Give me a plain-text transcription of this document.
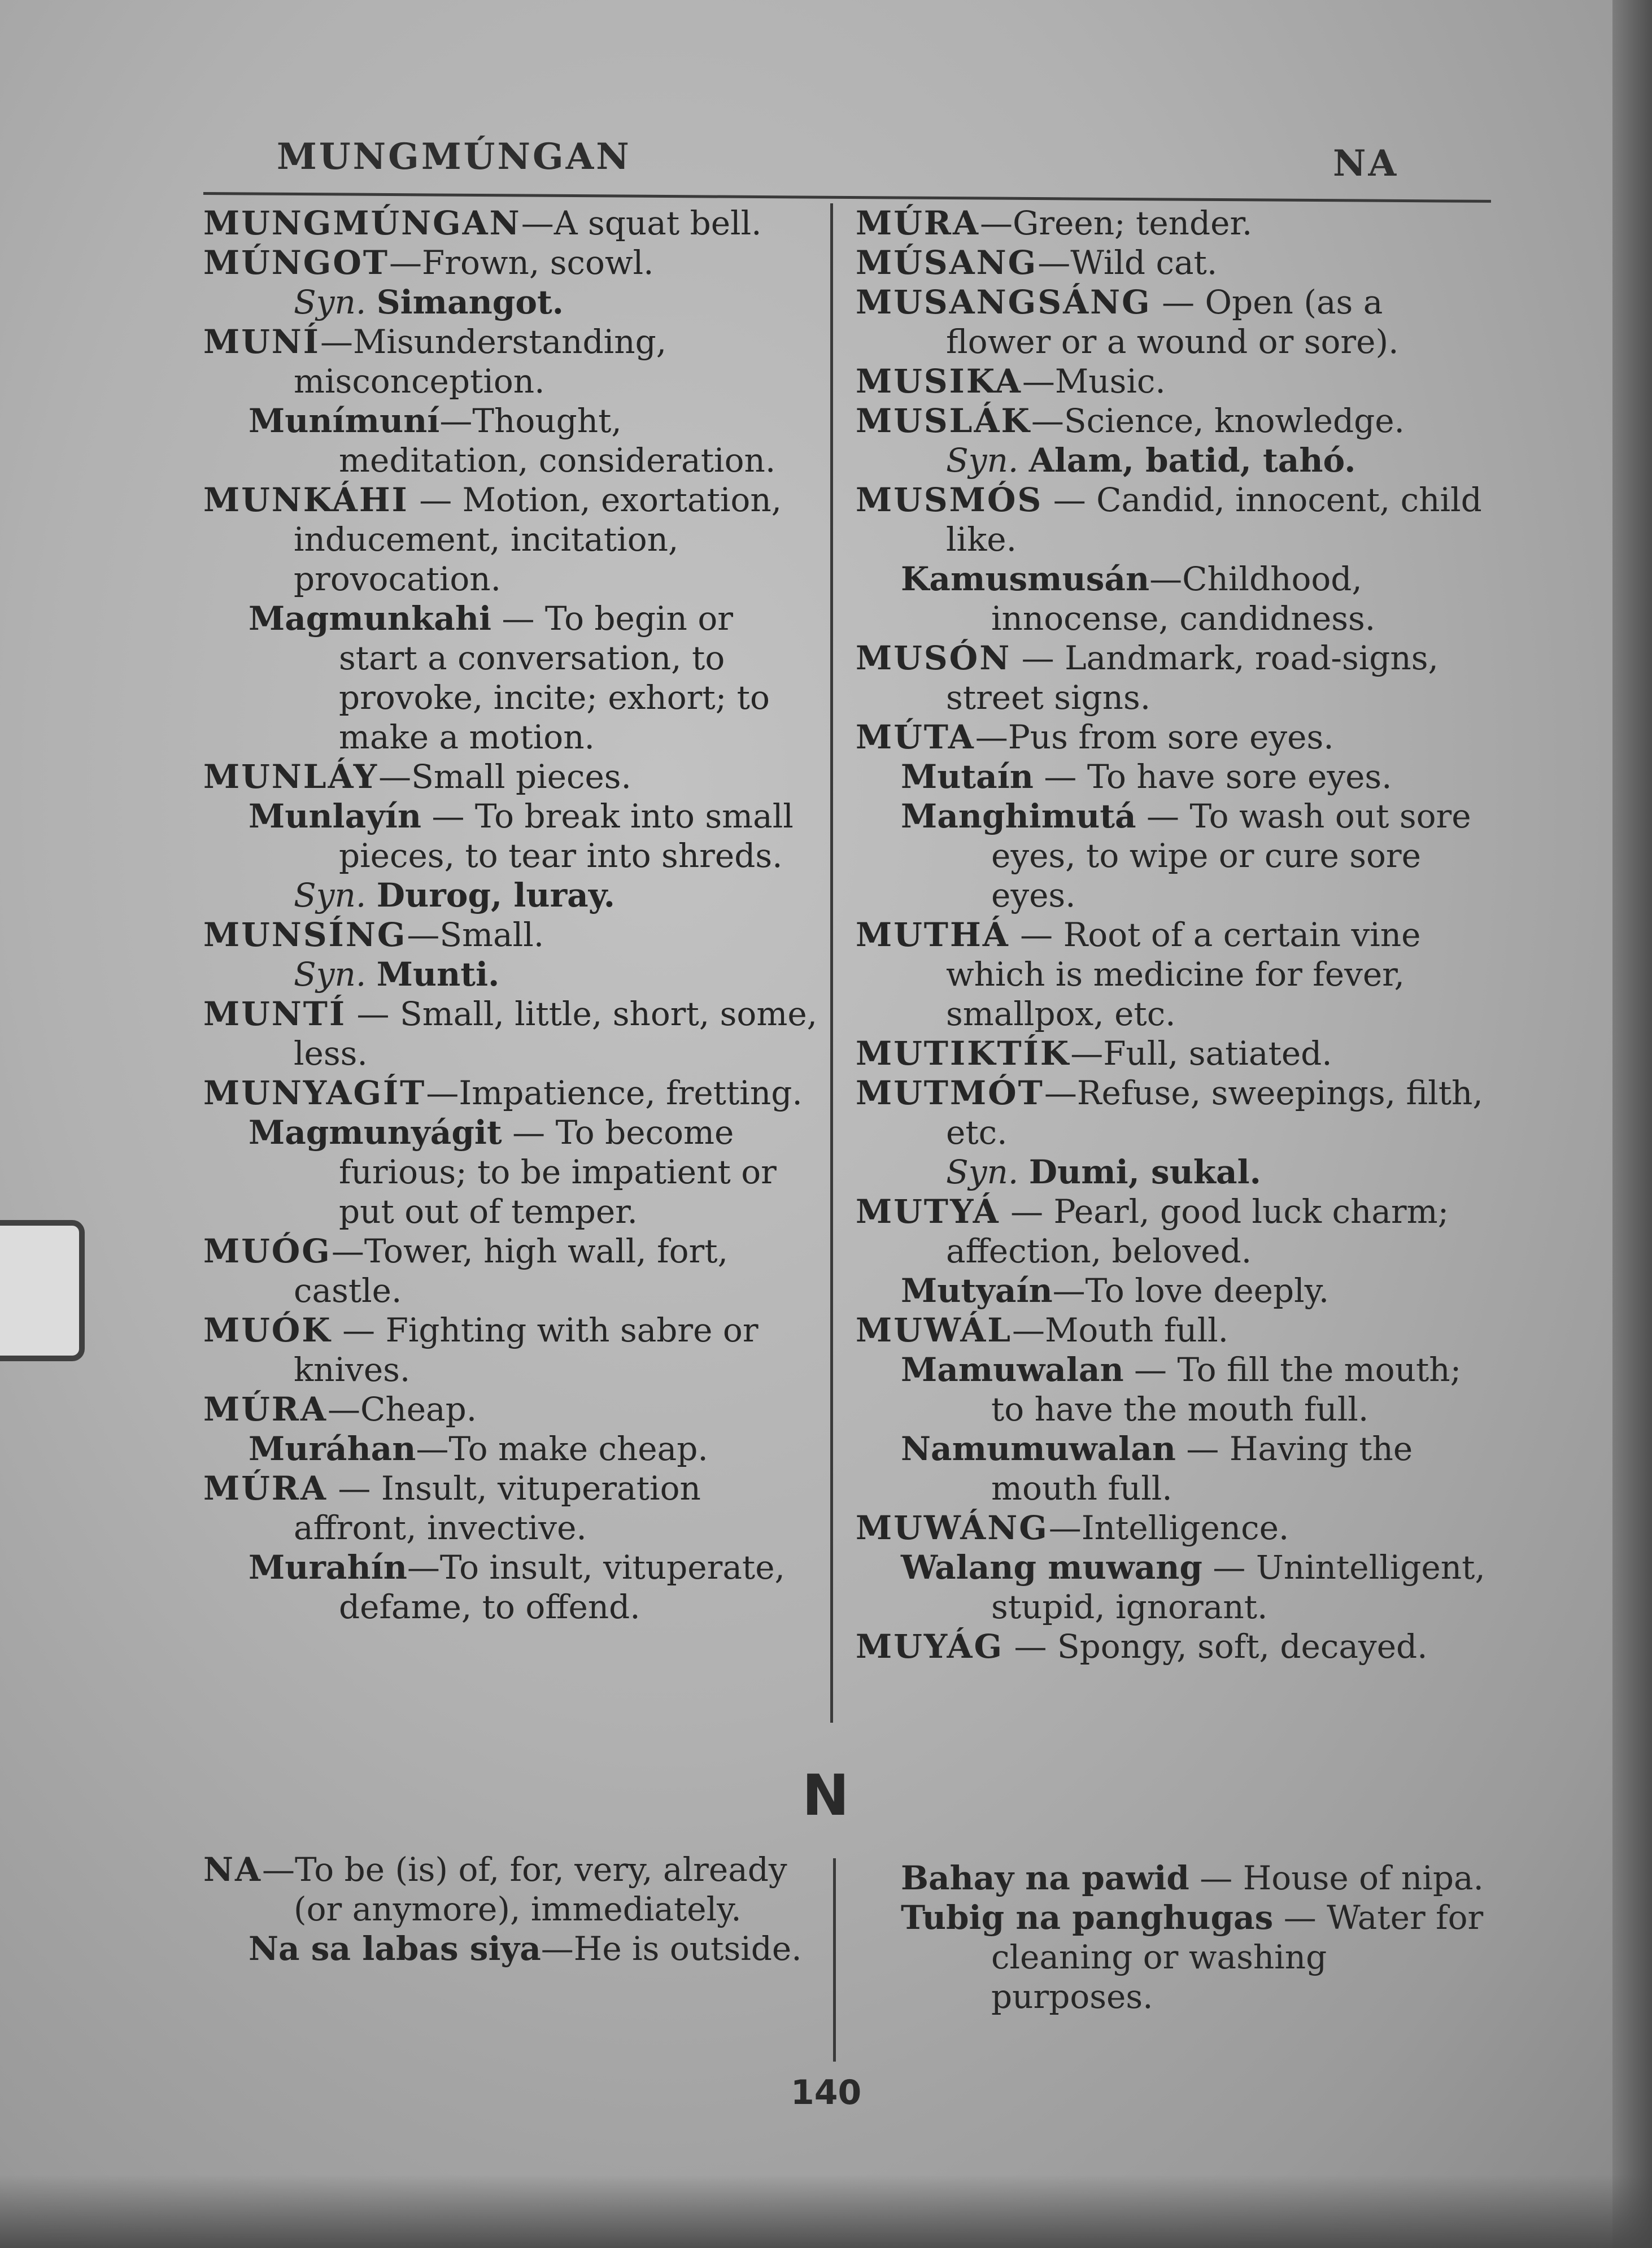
MUNGMÚNGAN	NA

MUNGMÚNGAN—A squat bell.

MÚNGOT—Frown, scowl.

Syn. Simangot.

MUNÍ—Misunderstanding, misconception.

Munímuní—Thought, meditation, consideration.

MUNKÁHI — Motion, exortation, inducement, incitation, provocation.

Magmunkahi — To begin or start a conversation, to provoke, incite; exhort; to make a motion.

MUNLÁY—Small pieces.

Munlayín — To break into small pieces, to tear into shreds.

Syn. Durog, luray.

MUNSÍNG—Small.

Syn. Munti.

MUNTÍ — Small, little, short, some, less.

MUNYAGÍT—Impatience, fretting.

Magmunyágit — To become furious; to be impatient or put out of temper.

MUÓG—Tower, high wall, fort, castle.

MUÓK — Fighting with sabre or knives.

MÚRA—Cheap.

Muráhan—To make cheap.

MÚRA — Insult, vituperation affront, invective.

Murahín—To insult, vituperate, defame, to offend.

MÚRA—Green; tender.

MÚSANG—Wild cat.

MUSANGSÁNG — Open (as a flower or a wound or sore).

MUSIKA—Music.

MUSLÁK—Science, knowledge.

Syn. Alam, batid, tahó.

MUSMÓS — Candid, innocent, child like.

Kamusmusán—Childhood, innocense, candidness.

MUSÓN — Landmark, road-signs, street signs.

MÚTA—Pus from sore eyes.

Mutaín — To have sore eyes.

Manghimutá — To wash out sore eyes, to wipe or cure sore eyes.

MUTHÁ — Root of a certain vine which is medicine for fever, smallpox, etc.

MUTIKTÍK—Full, satiated.

MUTMÓT—Refuse, sweepings, filth, etc.

Syn. Dumi, sukal.

MUTYÁ — Pearl, good luck charm; affection, beloved.

Mutyaín—To love deeply.

MUWÁL—Mouth full.

Mamuwalan — To fill the mouth; to have the mouth full.

Namumuwalan — Having the mouth full.

MUWÁNG—Intelligence.

Walang muwang — Unintelligent, stupid, ignorant.

MUYÁG — Spongy, soft, decayed.

N

NA—To be (is) of, for, very, already (or anymore), immediately.

Na sa labas siya—He is outside.

Bahay na pawid — House of nipa.

Tubig na panghugas — Water for cleaning or washing purposes.

140
